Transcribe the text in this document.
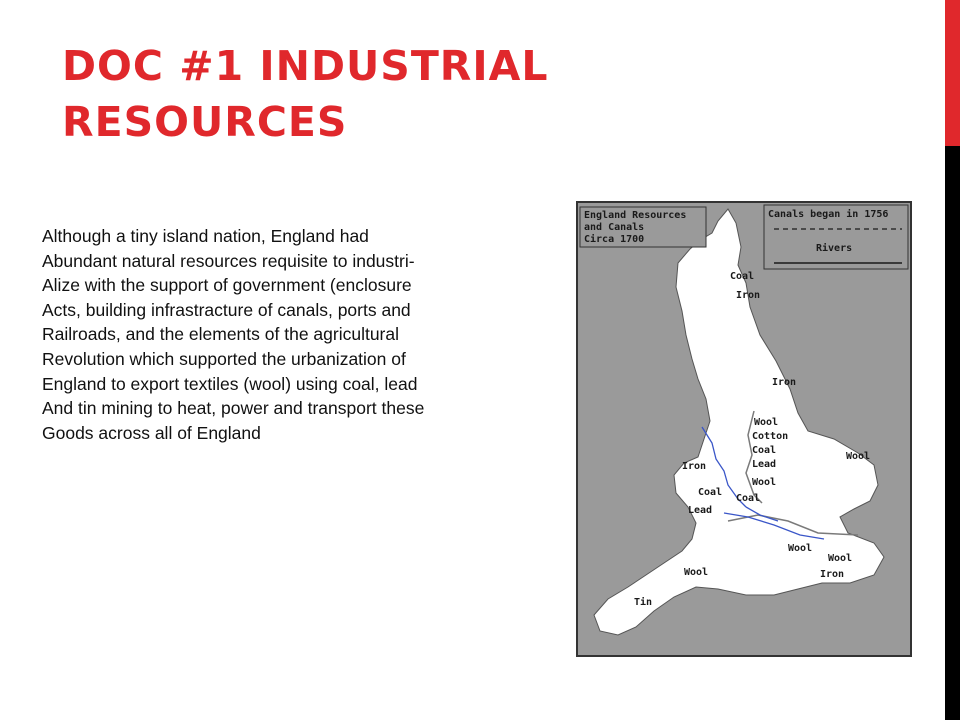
DOC #1 INDUSTRIAL
RESOURCES
Although a tiny island nation, England had
Abundant natural resources requisite to industri-
Alize with the support of government (enclosure
Acts, building infrastracture of canals, ports and
Railroads, and the elements of the agricultural
Revolution which supported the urbanization of
England to export textiles (wool) using coal, lead
And tin mining to heat, power and transport these
Goods across all of England
England Resources
and Canals
Circa 1700
Canals began in 1756
Rivers
Coal
Iron
Iron
Wool
Cotton
Coal
Lead
Wool
Wool
Iron
Coal
Lead
Coal
Wool
Wool
Iron
Wool
Tin
